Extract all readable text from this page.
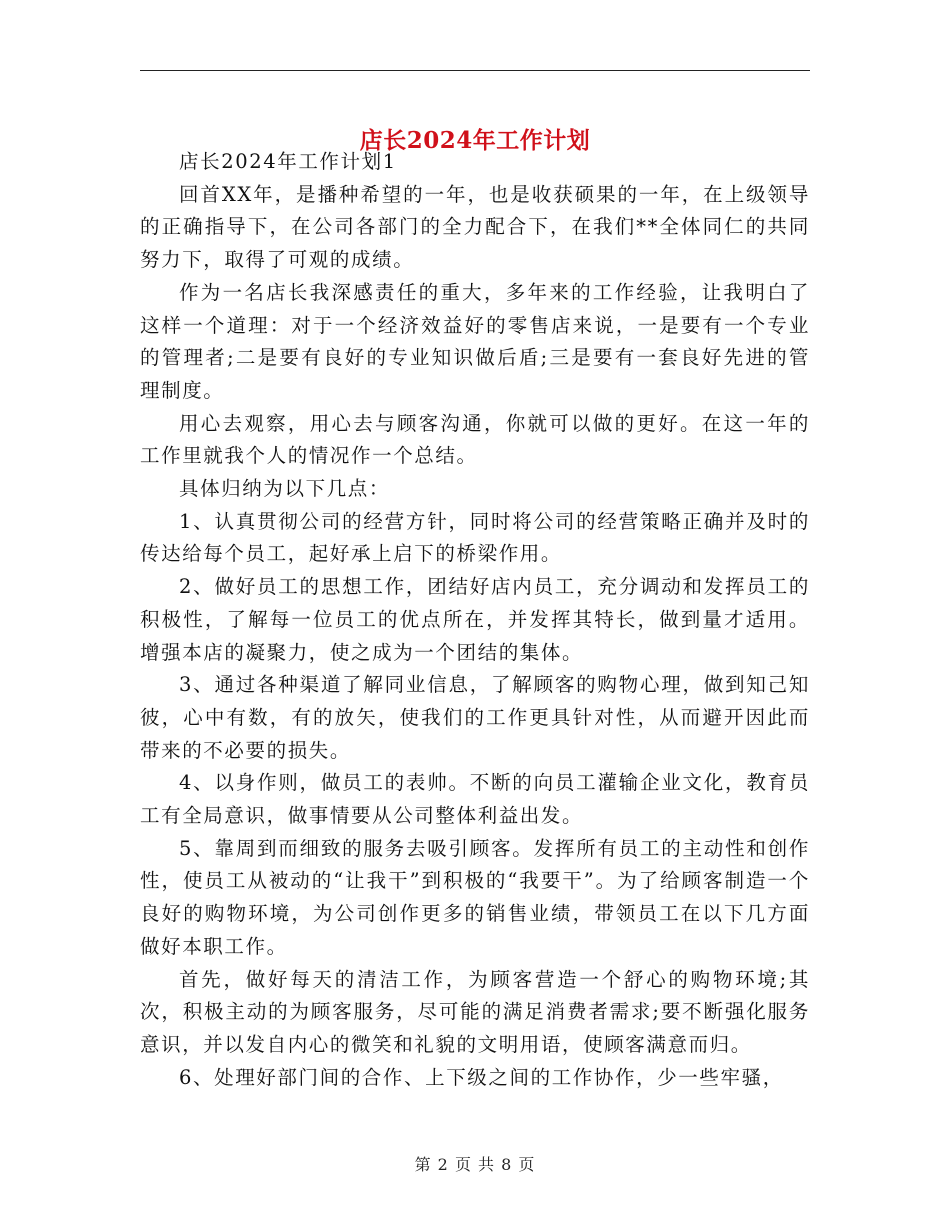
店长2024年工作计划

店长2024年工作计划1

回首XX年，是播种希望的一年，也是收获硕果的一年，在上级领导的正确指导下，在公司各部门的全力配合下，在我们**全体同仁的共同努力下，取得了可观的成绩。

作为一名店长我深感责任的重大，多年来的工作经验，让我明白了这样一个道理：对于一个经济效益好的零售店来说，一是要有一个专业的管理者;二是要有良好的专业知识做后盾;三是要有一套良好先进的管理制度。

用心去观察，用心去与顾客沟通，你就可以做的更好。在这一年的工作里就我个人的情况作一个总结。

具体归纳为以下几点：

1、认真贯彻公司的经营方针，同时将公司的经营策略正确并及时的传达给每个员工，起好承上启下的桥梁作用。

2、做好员工的思想工作，团结好店内员工，充分调动和发挥员工的积极性，了解每一位员工的优点所在，并发挥其特长，做到量才适用。增强本店的凝聚力，使之成为一个团结的集体。

3、通过各种渠道了解同业信息，了解顾客的购物心理，做到知己知彼，心中有数，有的放矢，使我们的工作更具针对性，从而避开因此而带来的不必要的损失。

4、以身作则，做员工的表帅。不断的向员工灌输企业文化，教育员工有全局意识，做事情要从公司整体利益出发。

5、靠周到而细致的服务去吸引顾客。发挥所有员工的主动性和创作性，使员工从被动的“让我干”到积极的“我要干”。为了给顾客制造一个良好的购物环境，为公司创作更多的销售业绩，带领员工在以下几方面做好本职工作。

首先，做好每天的清洁工作，为顾客营造一个舒心的购物环境;其次，积极主动的为顾客服务，尽可能的满足消费者需求;要不断强化服务意识，并以发自内心的微笑和礼貌的文明用语，使顾客满意而归。

6、处理好部门间的合作、上下级之间的工作协作，少一些牢骚，

第 2 页 共 8 页
